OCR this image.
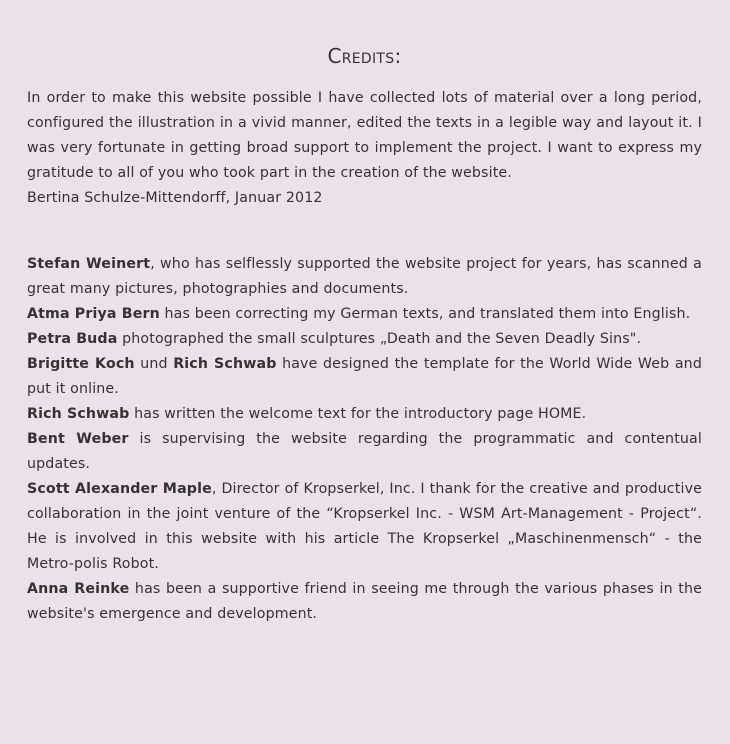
Credits:

In order to make this website possible I have collected lots of material over a long period, configured the illustration in a vivid manner, edited the texts in a legible way and layout it. I was very fortunate in getting broad support to implement the project. I want to express my gratitude to all of you who took part in the creation of the website.

Bertina Schulze-Mittendorff, Januar 2012

Stefan Weinert, who has selflessly supported the website project for years, has scanned a great many pictures, photographies and documents.

Atma Priya Bern has been correcting my German texts, and translated them into English.

Petra Buda photographed the small sculptures „Death and the Seven Deadly Sins".

Brigitte Koch und Rich Schwab have designed the template for the World Wide Web and put it online.

Rich Schwab has written the welcome text for the introductory page HOME.

Bent Weber is supervising the website regarding the programmatic and contentual updates.

Scott Alexander Maple, Director of Kropserkel, Inc. I thank for the creative and productive collaboration in the joint venture of the “Kropserkel Inc. - WSM Art-Management - Project“. He is involved in this website with his article The Kropserkel „Maschinenmensch“ - the Metro-polis Robot.

Anna Reinke has been a supportive friend in seeing me through the various phases in the website's emergence and development.
